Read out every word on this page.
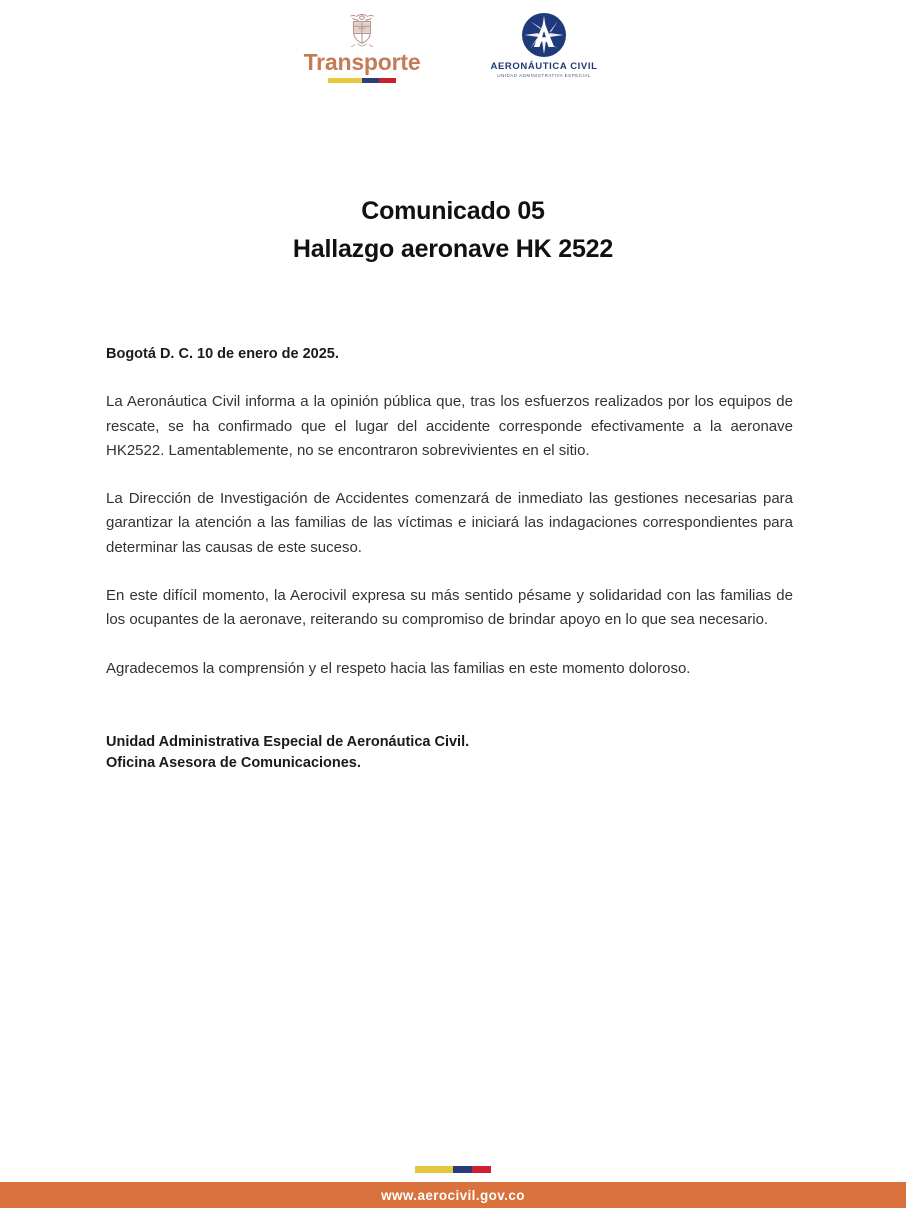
Transporte	AERONÁUTICA CIVIL
UNIDAD ADMINISTRATIVA ESPECIAL
Comunicado 05
Hallazgo aeronave HK 2522

Bogotá D. C. 10 de enero de 2025.

La Aeronáutica Civil informa a la opinión pública que, tras los esfuerzos realizados por los equipos de rescate, se ha confirmado que el lugar del accidente corresponde efectivamente a la aeronave HK2522. Lamentablemente, no se encontraron sobrevivientes en el sitio.

La Dirección de Investigación de Accidentes comenzará de inmediato las gestiones necesarias para garantizar la atención a las familias de las víctimas e iniciará las indagaciones correspondientes para determinar las causas de este suceso.

En este difícil momento, la Aerocivil expresa su más sentido pésame y solidaridad con las familias de los ocupantes de la aeronave, reiterando su compromiso de brindar apoyo en lo que sea necesario.

Agradecemos la comprensión y el respeto hacia las familias en este momento doloroso.

Unidad Administrativa Especial de Aeronáutica Civil.
Oficina Asesora de Comunicaciones.
www.aerocivil.gov.co
